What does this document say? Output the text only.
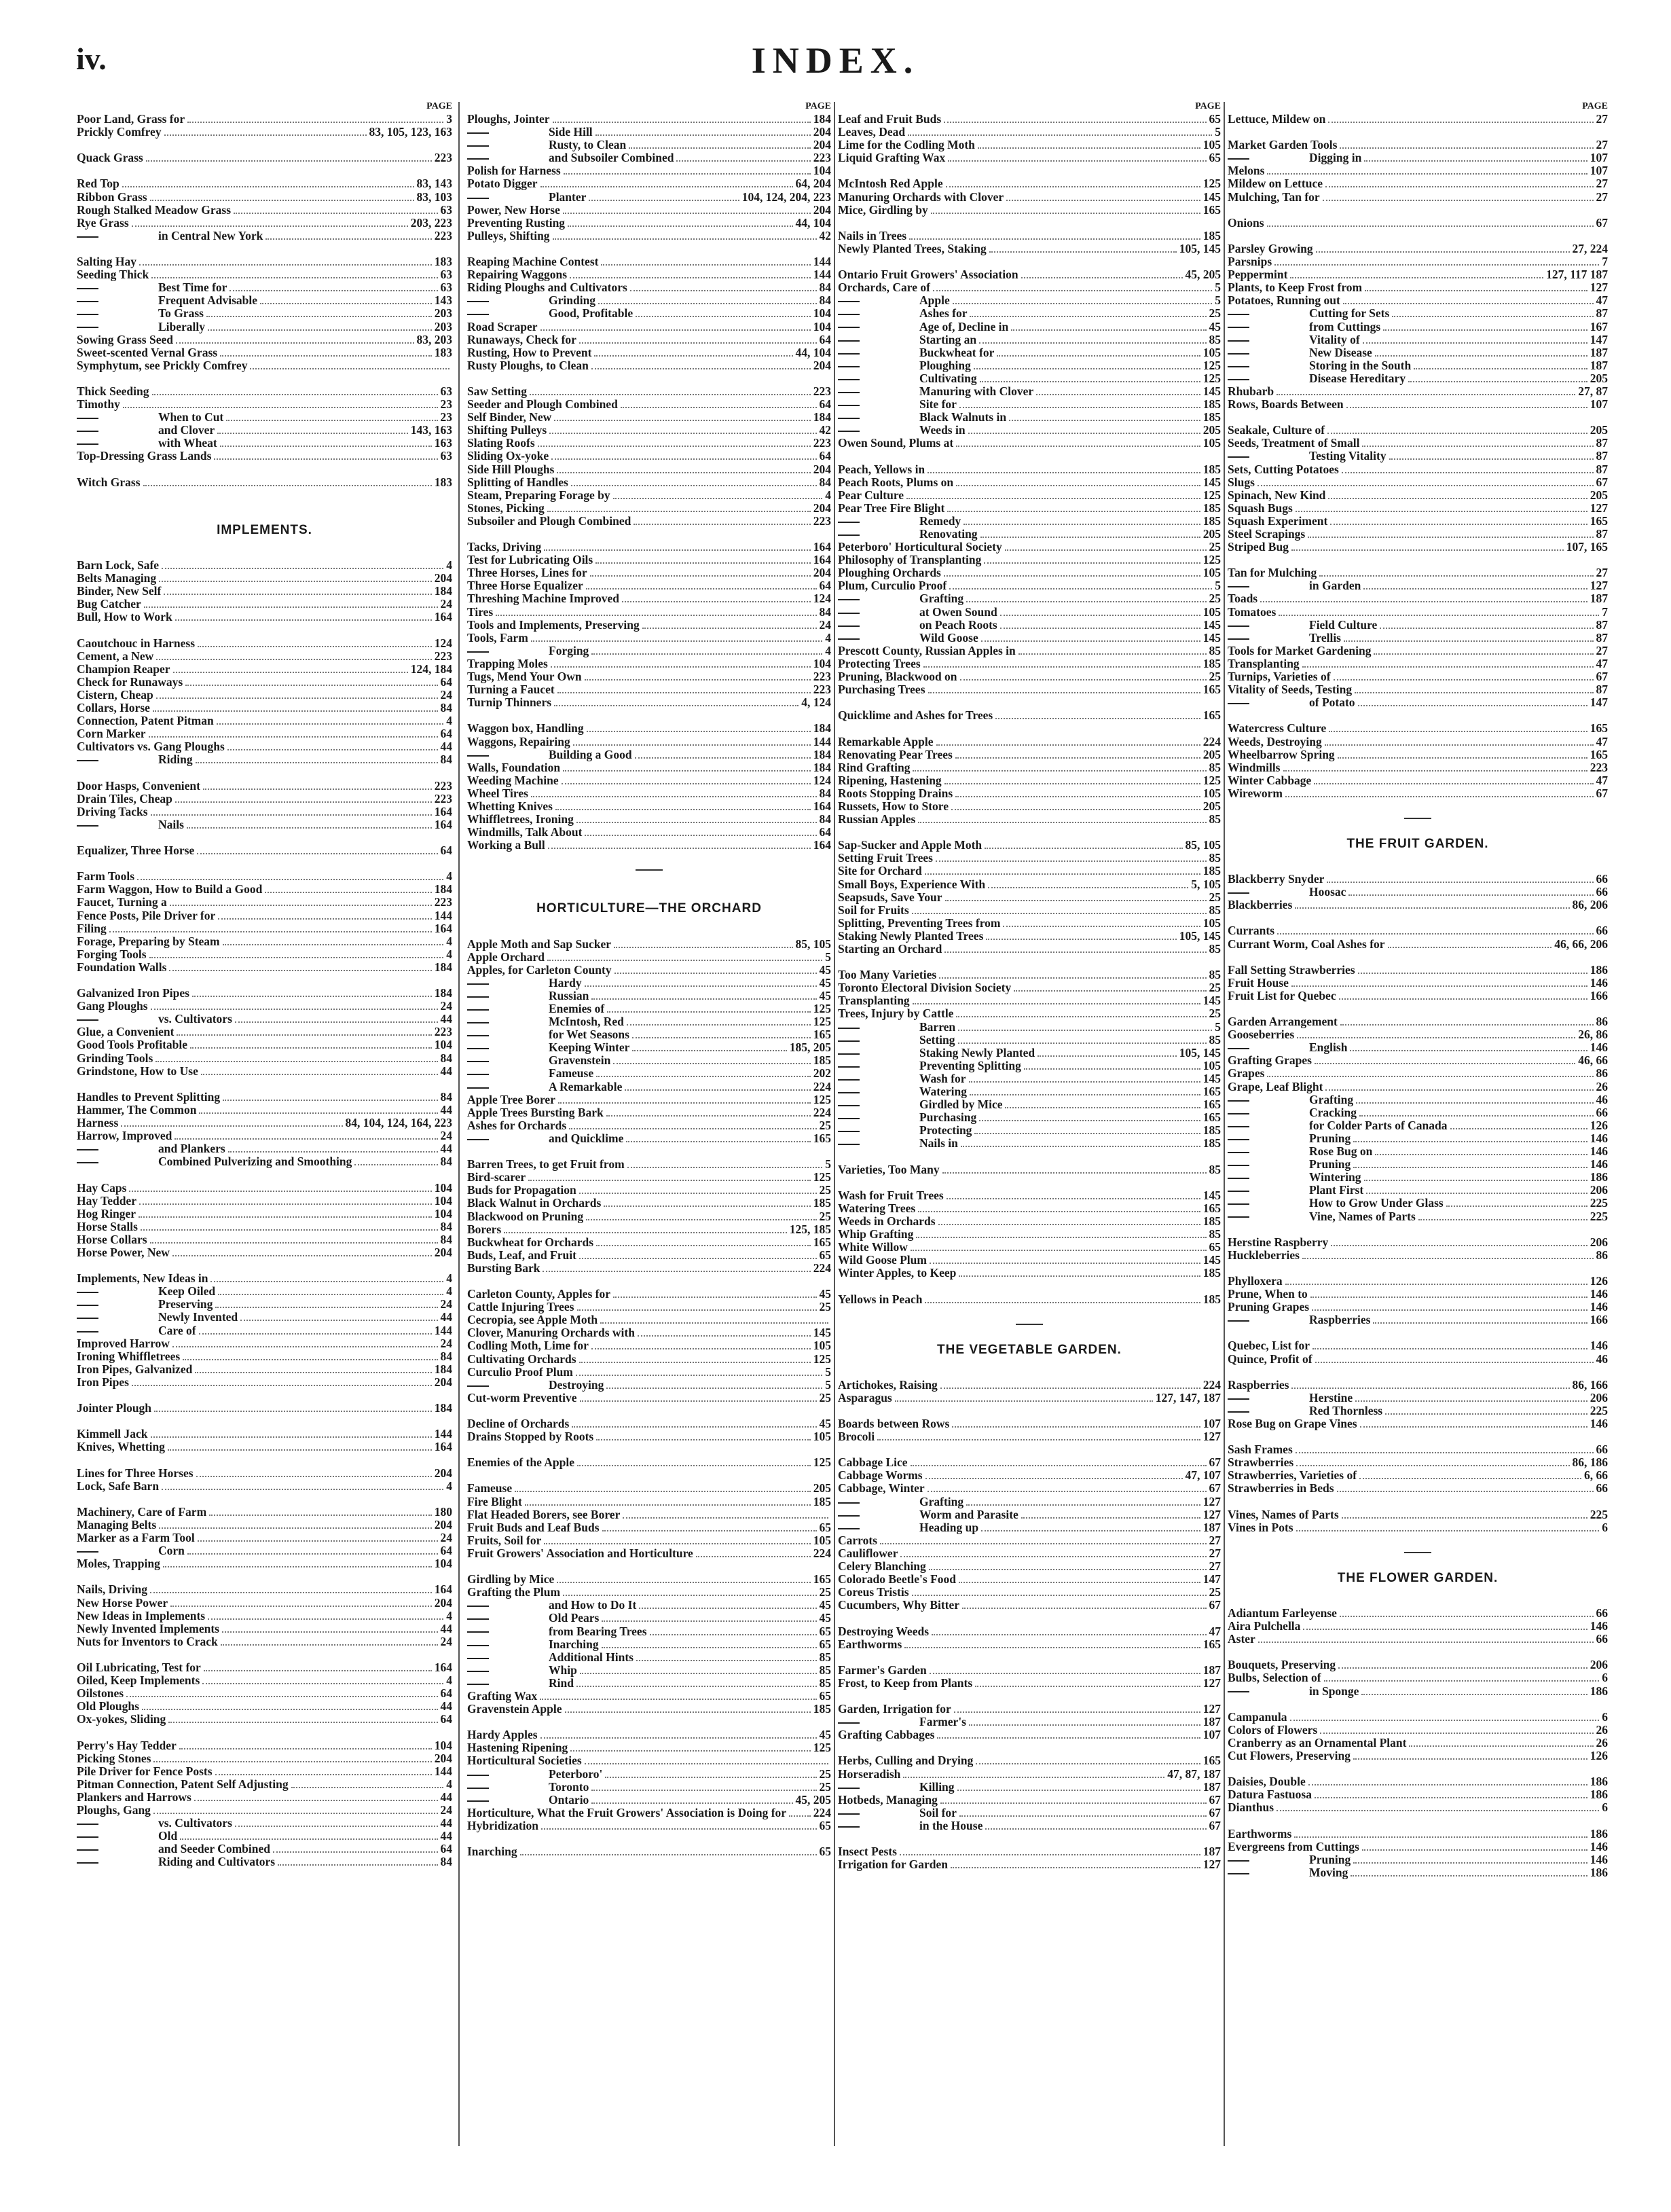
iv.	INDEX.
PAGE
Poor Land, Grass for	3
Prickly Comfrey	83, 105, 123, 163
Quack Grass	223
Red Top	83, 143
Ribbon Grass	83, 103
Rough Stalked Meadow Grass	63
Rye Grass	203, 223
in Central New York	223
Salting Hay	183
Seeding Thick	63
Best Time for	63
Frequent Advisable	143
To Grass	203
Liberally	203
Sowing Grass Seed	83, 203
Sweet-scented Vernal Grass	183
Symphytum, see Prickly Comfrey
Thick Seeding	63
Timothy	23
When to Cut	23
and Clover	143, 163
with Wheat	163
Top-Dressing Grass Lands	63
Witch Grass	183
IMPLEMENTS.
Barn Lock, Safe	4
Belts Managing	204
Binder, New Self	184
Bug Catcher	24
Bull, How to Work	164
Caoutchouc in Harness	124
Cement, a New	223
Champion Reaper	124, 184
Check for Runaways	64
Cistern, Cheap	24
Collars, Horse	84
Connection, Patent Pitman	4
Corn Marker	64
Cultivators vs. Gang Ploughs	44
Riding	84
Door Hasps, Convenient	223
Drain Tiles, Cheap	223
Driving Tacks	164
Nails	164
Equalizer, Three Horse	64
Farm Tools	4
Farm Waggon, How to Build a Good	184
Faucet, Turning a	223
Fence Posts, Pile Driver for	144
Filing	164
Forage, Preparing by Steam	4
Forging Tools	4
Foundation Walls	184
Galvanized Iron Pipes	184
Gang Ploughs	24
vs. Cultivators	44
Glue, a Convenient	223
Good Tools Profitable	104
Grinding Tools	84
Grindstone, How to Use	44
Handles to Prevent Splitting	84
Hammer, The Common	44
Harness	84, 104, 124, 164, 223
Harrow, Improved	24
and Plankers	44
Combined Pulverizing and Smoothing	84
Hay Caps	104
Hay Tedder	104
Hog Ringer	104
Horse Stalls	84
Horse Collars	84
Horse Power, New	204
Implements, New Ideas in	4
Keep Oiled	4
Preserving	24
Newly Invented	44
Care of	144
Improved Harrow	24
Ironing Whiffletrees	84
Iron Pipes, Galvanized	184
Iron Pipes	204
Jointer Plough	184
Kimmell Jack	144
Knives, Whetting	164
Lines for Three Horses	204
Lock, Safe Barn	4
Machinery, Care of Farm	180
Managing Belts	204
Marker as a Farm Tool	24
Corn	64
Moles, Trapping	104
Nails, Driving	164
New Horse Power	204
New Ideas in Implements	4
Newly Invented Implements	44
Nuts for Inventors to Crack	24
Oil Lubricating, Test for	164
Oiled, Keep Implements	4
Oilstones	64
Old Ploughs	44
Ox-yokes, Sliding	64
Perry's Hay Tedder	104
Picking Stones	204
Pile Driver for Fence Posts	144
Pitman Connection, Patent Self Adjusting	4
Plankers and Harrows	44
Ploughs, Gang	24
vs. Cultivators	44
Old	44
and Seeder Combined	64
Riding and Cultivators	84
PAGE
Ploughs, Jointer	184
Side Hill	204
Rusty, to Clean	204
and Subsoiler Combined	223
Polish for Harness	104
Potato Digger	64, 204
Planter	104, 124, 204, 223
Power, New Horse	204
Preventing Rusting	44, 104
Pulleys, Shifting	42
Reaping Machine Contest	144
Repairing Waggons	144
Riding Ploughs and Cultivators	84
Grinding	84
Good, Profitable	104
Road Scraper	104
Runaways, Check for	64
Rusting, How to Prevent	44, 104
Rusty Ploughs, to Clean	204
Saw Setting	223
Seeder and Plough Combined	64
Self Binder, New	184
Shifting Pulleys	42
Slating Roofs	223
Sliding Ox-yoke	64
Side Hill Ploughs	204
Splitting of Handles	84
Steam, Preparing Forage by	4
Stones, Picking	204
Subsoiler and Plough Combined	223
Tacks, Driving	164
Test for Lubricating Oils	164
Three Horses, Lines for	204
Three Horse Equalizer	64
Threshing Machine Improved	124
Tires	84
Tools and Implements, Preserving	24
Tools, Farm	4
Forging	4
Trapping Moles	104
Tugs, Mend Your Own	223
Turning a Faucet	223
Turnip Thinners	4, 124
Waggon box, Handling	184
Waggons, Repairing	144
Building a Good	184
Walls, Foundation	184
Weeding Machine	124
Wheel Tires	84
Whetting Knives	164
Whiffletrees, Ironing	84
Windmills, Talk About	64
Working a Bull	164
HORTICULTURE—THE ORCHARD
Apple Moth and Sap Sucker	85, 105
Apple Orchard	5
Apples, for Carleton County	45
Hardy	45
Russian	45
Enemies of	125
McIntosh, Red	125
for Wet Seasons	165
Keeping Winter	185, 205
Gravenstein	185
Fameuse	202
A Remarkable	224
Apple Tree Borer	125
Apple Trees Bursting Bark	224
Ashes for Orchards	25
and Quicklime	165
Barren Trees, to get Fruit from	5
Bird-scarer	125
Buds for Propagation	25
Black Walnut in Orchards	185
Blackwood on Pruning	25
Borers	125, 185
Buckwheat for Orchards	165
Buds, Leaf, and Fruit	65
Bursting Bark	224
Carleton County, Apples for	45
Cattle Injuring Trees	25
Cecropia, see Apple Moth
Clover, Manuring Orchards with	145
Codling Moth, Lime for	105
Cultivating Orchards	125
Curculio Proof Plum	5
Destroying	5
Cut-worm Preventive	25
Decline of Orchards	45
Drains Stopped by Roots	105
Enemies of the Apple	125
Fameuse	205
Fire Blight	185
Flat Headed Borers, see Borer
Fruit Buds and Leaf Buds	65
Fruits, Soil for	105
Fruit Growers' Association and Horticulture	224
Girdling by Mice	165
Grafting the Plum	25
and How to Do It	45
Old Pears	45
from Bearing Trees	65
Inarching	65
Additional Hints	85
Whip	85
Rind	85
Grafting Wax	65
Gravenstein Apple	185
Hardy Apples	45
Hastening Ripening	125
Horticultural Societies
Peterboro'	25
Toronto	25
Ontario	45, 205
Horticulture, What the Fruit Growers' Association is Doing for 224
Hybridization	65
Inarching	65
PAGE
Leaf and Fruit Buds	65
Leaves, Dead	5
Lime for the Codling Moth	105
Liquid Grafting Wax	65
McIntosh Red Apple	125
Manuring Orchards with Clover	145
Mice, Girdling by	165
Nails in Trees	185
Newly Planted Trees, Staking	105, 145
Ontario Fruit Growers' Association	45, 205
Orchards, Care of	5
Apple	5
Ashes for	25
Age of, Decline in	45
Starting an	85
Buckwheat for	105
Ploughing	125
Cultivating	125
Manuring with Clover	145
Site for	185
Black Walnuts in	185
Weeds in	205
Owen Sound, Plums at	105
Peach, Yellows in	185
Peach Roots, Plums on	145
Pear Culture	125
Pear Tree Fire Blight	185
Remedy	185
Renovating	205
Peterboro' Horticultural Society	25
Philosophy of Transplanting	125
Ploughing Orchards	105
Plum, Curculio Proof	5
Grafting	25
at Owen Sound	105
on Peach Roots	145
Wild Goose	145
Prescott County, Russian Apples in	85
Protecting Trees	185
Pruning, Blackwood on	25
Purchasing Trees	165
Quicklime and Ashes for Trees	165
Remarkable Apple	224
Renovating Pear Trees	205
Rind Grafting	85
Ripening, Hastening	125
Roots Stopping Drains	105
Russets, How to Store	205
Russian Apples	85
Sap-Sucker and Apple Moth	85, 105
Setting Fruit Trees	85
Site for Orchard	185
Small Boys, Experience With	5, 105
Seapsuds, Save Your	25
Soil for Fruits	85
Splitting, Preventing Trees from	105
Staking Newly Planted Trees	105, 145
Starting an Orchard	85
Too Many Varieties	85
Toronto Electoral Division Society	25
Transplanting	145
Trees, Injury by Cattle	25
Barren	5
Setting	85
Staking Newly Planted	105, 145
Preventing Splitting	105
Wash for	145
Watering	165
Girdled by Mice	165
Purchasing	165
Protecting	185
Nails in	185
Varieties, Too Many	85
Wash for Fruit Trees	145
Watering Trees	165
Weeds in Orchards	185
Whip Grafting	85
White Willow	65
Wild Goose Plum	145
Winter Apples, to Keep	185
Yellows in Peach	185
THE VEGETABLE GARDEN.
Artichokes, Raising	224
Asparagus	127, 147, 187
Boards between Rows	107
Brocoli	127
Cabbage Lice	67
Cabbage Worms	47, 107
Cabbage, Winter	67
Grafting	127
Worm and Parasite	127
Heading up	187
Carrots	27
Cauliflower	27
Celery Blanching	27
Colorado Beetle's Food	147
Coreus Tristis	25
Cucumbers, Why Bitter	67
Destroying Weeds	47
Earthworms	165
Farmer's Garden	187
Frost, to Keep from Plants	127
Garden, Irrigation for	127
Farmer's	187
Grafting Cabbages	107
Herbs, Culling and Drying	165
Horseradish	47, 87, 187
Killing	187
Hotbeds, Managing	67
Soil for	67
in the House	67
Insect Pests	187
Irrigation for Garden	127
PAGE
Lettuce, Mildew on	27
Market Garden Tools	27
Digging in	107
Melons	107
Mildew on Lettuce	27
Mulching, Tan for	27
Onions	67
Parsley Growing	27, 224
Parsnips	7
Peppermint	127, 117 187
Plants, to Keep Frost from	127
Potatoes, Running out	47
Cutting for Sets	87
from Cuttings	167
Vitality of	147
New Disease	187
Storing in the South	187
Disease Hereditary	205
Rhubarb	27, 87
Rows, Boards Between	107
Seakale, Culture of	205
Seeds, Treatment of Small	87
Testing Vitality	87
Sets, Cutting Potatoes	87
Slugs	67
Spinach, New Kind	205
Squash Bugs	127
Squash Experiment	165
Steel Scrapings	87
Striped Bug	107, 165
Tan for Mulching	27
in Garden	127
Toads	187
Tomatoes	7
Field Culture	87
Trellis	87
Tools for Market Gardening	27
Transplanting	47
Turnips, Varieties of	67
Vitality of Seeds, Testing	87
of Potato	147
Watercress Culture	165
Weeds, Destroying	47
Wheelbarrow Spring	165
Windmills	223
Winter Cabbage	47
Wireworm	67
THE FRUIT GARDEN.
Blackberry Snyder	66
Hoosac	66
Blackberries	86, 206
Currants	66
Currant Worm, Coal Ashes for	46, 66, 206
Fall Setting Strawberries	186
Fruit House	146
Fruit List for Quebec	166
Garden Arrangement	86
Gooseberries	26, 86
English	146
Grafting Grapes	46, 66
Grapes	86
Grape, Leaf Blight	26
Grafting	46
Cracking	66
for Colder Parts of Canada	126
Pruning	146
Rose Bug on	146
Pruning	146
Wintering	186
Plant First	206
How to Grow Under Glass	225
Vine, Names of Parts	225
Herstine Raspberry	206
Huckleberries	86
Phylloxera	126
Prune, When to	146
Pruning Grapes	146
Raspberries	166
Quebec, List for	146
Quince, Profit of	46
Raspberries	86, 166
Herstine	206
Red Thornless	225
Rose Bug on Grape Vines	146
Sash Frames	66
Strawberries	86, 186
Strawberries, Varieties of	6, 66
Strawberries in Beds	66
Vines, Names of Parts	225
Vines in Pots	6
THE FLOWER GARDEN.
Adiantum Farleyense	66
Aira Pulchella	146
Aster	66
Bouquets, Preserving	206
Bulbs, Selection of	6
in Sponge	186
Campanula	6
Colors of Flowers	26
Cranberry as an Ornamental Plant	26
Cut Flowers, Preserving	126
Daisies, Double	186
Datura Fastuosa	186
Dianthus	6
Earthworms	186
Evergreens from Cuttings	146
Pruning	146
Moving	186
